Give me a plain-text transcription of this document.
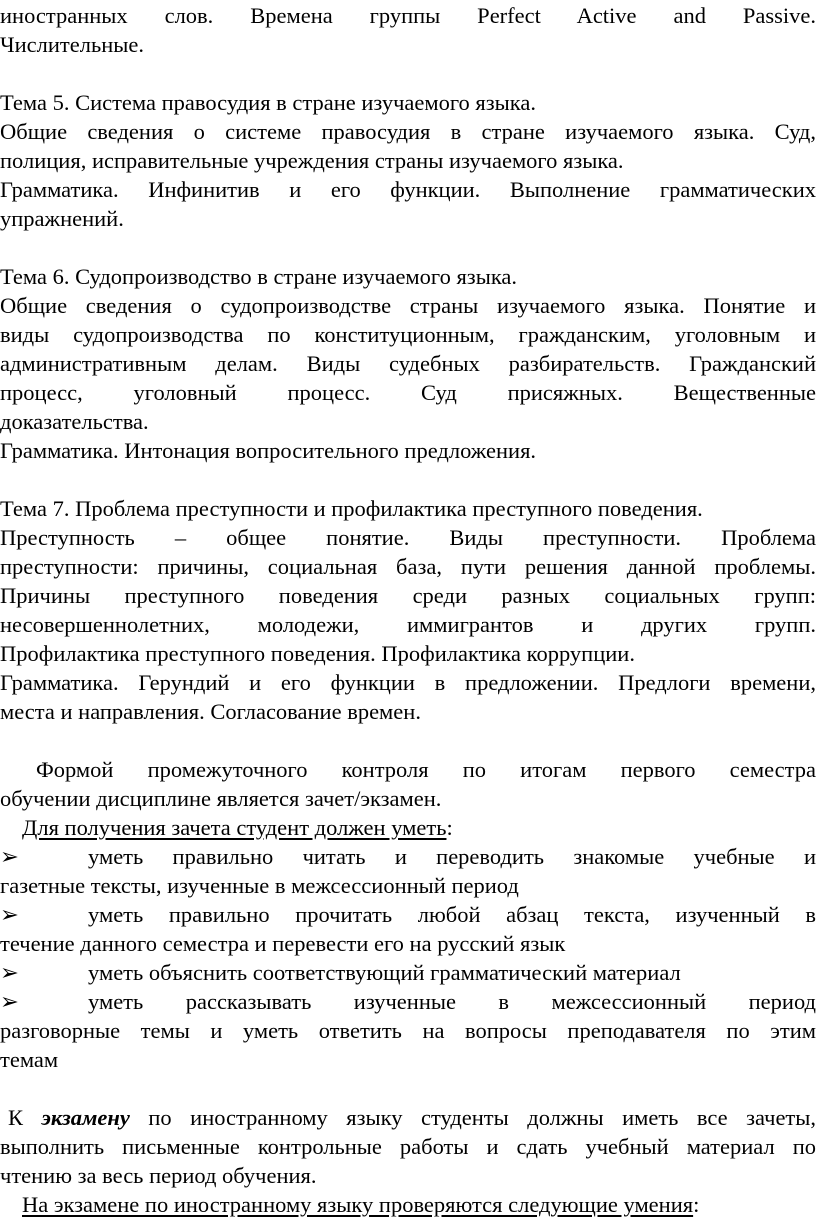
иностранных слов. Времена группы Perfect Active and Passive.
Числительные.
Тема 5. Система правосудия в стране изучаемого языка.
Общие сведения о системе правосудия в стране изучаемого языка. Суд,
полиция, исправительные учреждения страны изучаемого языка.
Грамматика. Инфинитив и его функции. Выполнение грамматических
упражнений.
Тема 6. Судопроизводство в стране изучаемого языка.
Общие сведения о судопроизводстве страны изучаемого языка. Понятие и
виды судопроизводства по конституционным, гражданским, уголовным и
административным делам. Виды судебных разбирательств. Гражданский
процесс, уголовный процесс. Суд присяжных. Вещественные
доказательства.
Грамматика. Интонация вопросительного предложения.
Тема 7. Проблема преступности и профилактика преступного поведения.
Преступность – общее понятие. Виды преступности. Проблема
преступности: причины, социальная база, пути решения данной проблемы.
Причины преступного поведения среди разных социальных групп:
несовершеннолетних, молодежи, иммигрантов и других групп.
Профилактика преступного поведения. Профилактика коррупции.
Грамматика. Герундий и его функции в предложении. Предлоги времени,
места и направления. Согласование времен.
Формой промежуточного контроля по итогам первого семестра
обучении дисциплине является зачет/экзамен.
Для получения зачета студент должен уметь:
➢	уметь правильно читать и переводить знакомые учебные и
газетные тексты, изученные в межсессионный период
➢	уметь правильно прочитать любой абзац текста, изученный в
течение данного семестра и перевести его на русский язык
➢	уметь объяснить соответствующий грамматический материал
➢	уметь рассказывать изученные в межсессионный период
разговорные темы и уметь ответить на вопросы преподавателя по этим
темам
К экзамену по иностранному языку студенты должны иметь все зачеты,
выполнить письменные контрольные работы и сдать учебный материал по
чтению за весь период обучения.
На экзамене по иностранному языку проверяются следующие умения:
